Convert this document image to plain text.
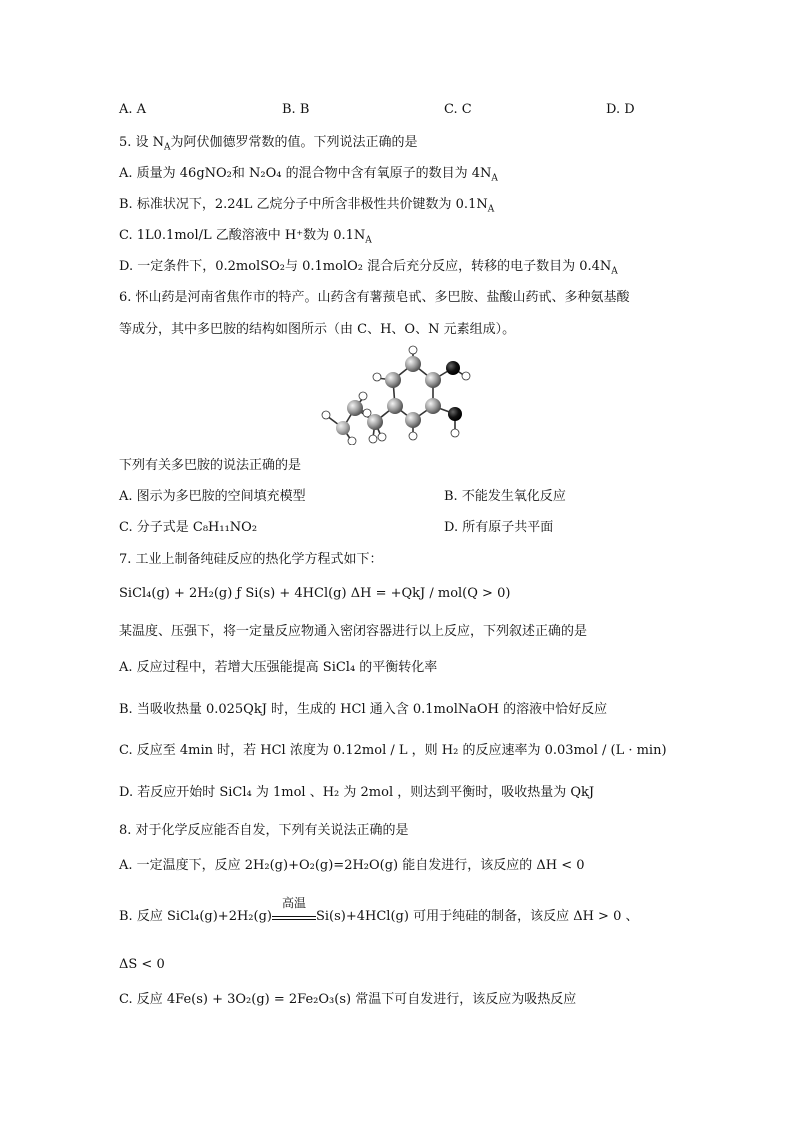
A. A	B. B	C. C	D. D
5. 设 $N_A$为阿伏伽德罗常数的值。下列说法正确的是
A. 质量为 46gNO₂和 N₂O₄ 的混合物中含有氧原子的数目为 $4N_A$
B. 标准状况下，2.24L 乙烷分子中所含非极性共价键数为 $0.1N_A$
C. 1L0.1mol/L 乙酸溶液中 H⁺数为 $0.1N_A$
D. 一定条件下，0.2molSO₂与 0.1molO₂ 混合后充分反应，转移的电子数目为 $0.4N_A$
6. 怀山药是河南省焦作市的特产。山药含有薯蓣皂甙、多巴胺、盐酸山药甙、多种氨基酸
等成分，其中多巴胺的结构如图所示（由 C、H、O、N 元素组成）。
下列有关多巴胺的说法正确的是
A. 图示为多巴胺的空间填充模型	B. 不能发生氧化反应
C. 分子式是 C₈H₁₁NO₂	D. 所有原子共平面
7. 工业上制备纯硅反应的热化学方程式如下：
SiCl₄(g) + 2H₂(g) ƒ Si(s) + 4HCl(g) ΔH = +QkJ / mol(Q > 0)
某温度、压强下，将一定量反应物通入密闭容器进行以上反应，下列叙述正确的是
A. 反应过程中，若增大压强能提高 SiCl₄ 的平衡转化率
B. 当吸收热量 0.025QkJ 时，生成的 HCl 通入含 0.1molNaOH 的溶液中恰好反应
C. 反应至 4min 时，若 HCl 浓度为 0.12mol / L ，则 H₂ 的反应速率为 0.03mol / (L · min)
D. 若反应开始时 SiCl₄ 为 1mol 、H₂ 为 2mol ，则达到平衡时，吸收热量为 QkJ
8. 对于化学反应能否自发，下列有关说法正确的是
A. 一定温度下，反应 2H₂(g)+O₂(g)=2H₂O(g) 能自发进行，该反应的 ΔH < 0
B. 反应 SiCl₄(g)+2H₂(g)
高温
Si(s)+4HCl(g) 可用于纯硅的制备，该反应 ΔH > 0 、
ΔS < 0
C. 反应 4Fe(s) + 3O₂(g) = 2Fe₂O₃(s) 常温下可自发进行，该反应为吸热反应
